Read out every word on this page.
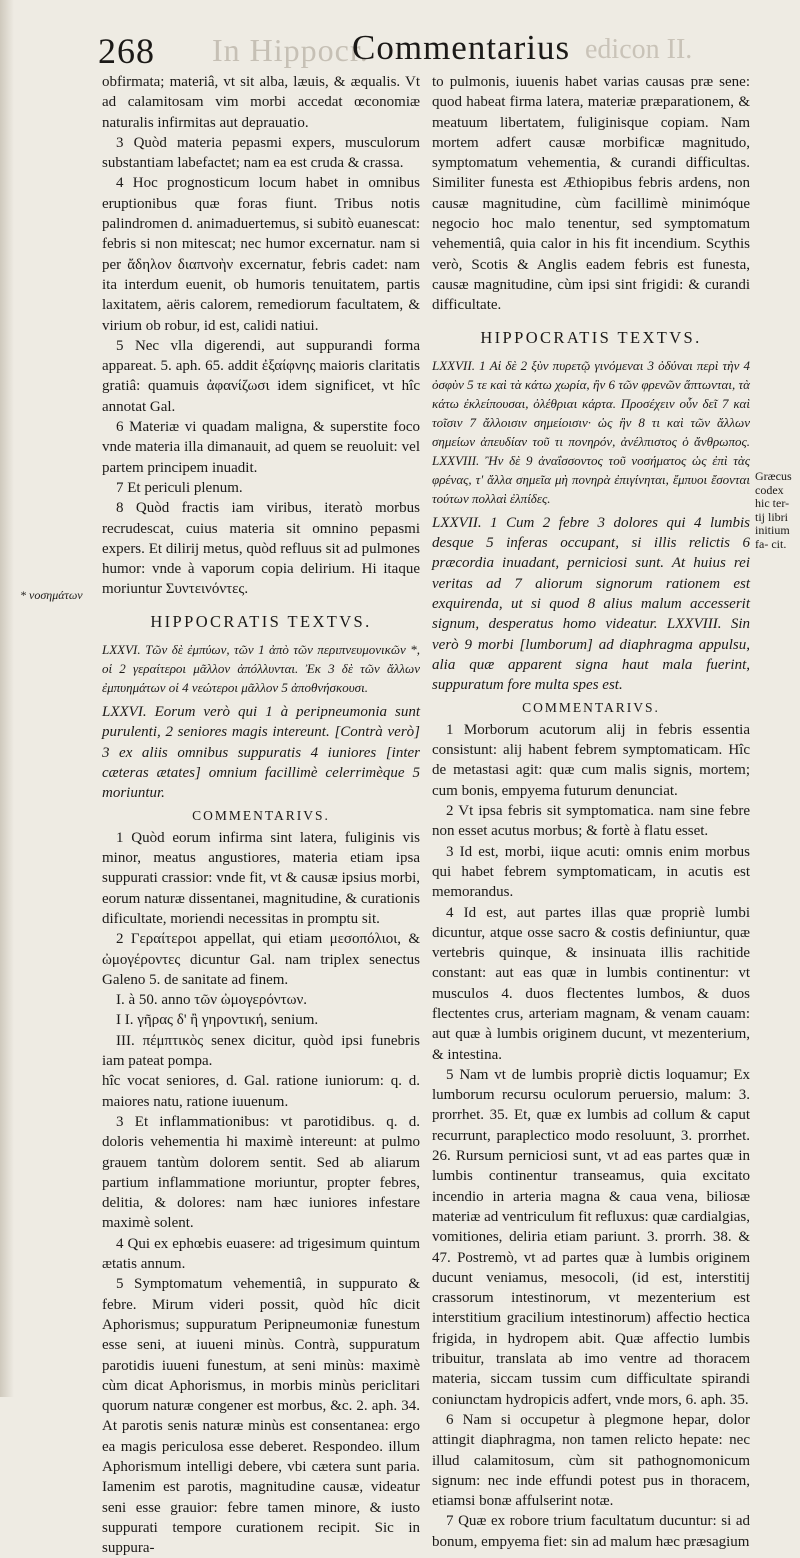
268 In Hippocr.
Commentarius edicon II.
* νοσημάτων
Græcus codex hic ter- tij libri initium fa- cit.

obfirmata; materiâ, vt sit alba, læuis, & æqualis. Vt ad calamitosam vim morbi accedat œconomiæ naturalis infirmitas aut deprauatio.

3 Quòd materia pepasmi expers, musculorum substantiam labefactet; nam ea est cruda & crassa.

4 Hoc prognosticum locum habet in omnibus eruptionibus quæ foras fiunt. Tribus notis palindromen d. animaduertemus, si subitò euanescat: febris si non mitescat; nec humor excernatur. nam si per ἄδηλον διαπνοὴν excernatur, febris cadet: nam ita interdum euenit, ob humoris tenuitatem, partis laxitatem, aëris calorem, remediorum facultatem, & virium ob robur, id est, calidi natiui.

5 Nec vlla digerendi, aut suppurandi forma appareat. 5. aph. 65. addit ἐξαίφνης maioris claritatis gratiâ: quamuis ἀφανίζωσι idem significet, vt hîc annotat Gal.

6 Materiæ vi quadam maligna, & superstite foco vnde materia illa dimanauit, ad quem se reuoluit: vel partem principem inuadit.

7 Et periculi plenum.

8 Quòd fractis iam viribus, iteratò morbus recrudescat, cuius materia sit omnino pepasmi expers. Et dilirij metus, quòd refluus sit ad pulmones humor: vnde à vaporum copia delirium. Hi itaque moriuntur Συντεινόντες.

HIPPOCRATIS TEXTVS.

LXXVI. Τῶν δὲ ἐμπύων, τῶν 1 ἀπὸ τῶν περιπνευμονικῶν *, οἱ 2 γεραίτεροι μᾶλλον ἀπόλλυνται. Ἐκ 3 δὲ τῶν ἄλλων ἐμπυημάτων οἱ 4 νεώτεροι μᾶλλον 5 ἀποθνήσκουσι.

LXXVI. Eorum verò qui 1 à peripneumonia sunt purulenti, 2 seniores magis intereunt. [Contrà verò] 3 ex aliis omnibus suppuratis 4 iuniores [inter cæteras ætates] omnium facillimè celerrimèque 5 moriuntur.

COMMENTARIVS.

1 Quòd eorum infirma sint latera, fuliginis vis minor, meatus angustiores, materia etiam ipsa suppurati crassior: vnde fit, vt & causæ ipsius morbi, eorum naturæ dissentanei, magnitudine, & curationis dificultate, moriendi necessitas in promptu sit.

2 Γεραίτεροι appellat, qui etiam μεσοπόλιοι, & ὠμογέροντες dicuntur Gal. nam triplex senectus Galeno 5. de sanitate ad finem.

I. à 50. anno τῶν ὠμογερόντων.

I I. γῆρας δ' ἢ γηροντική, senium.

III. πέμπτικὸς senex dicitur, quòd ipsi funebris iam pateat pompa.

hîc vocat seniores, d. Gal. ratione iuniorum: q. d. maiores natu, ratione iuuenum.

3 Et inflammationibus: vt parotidibus. q. d. doloris vehementia hi maximè intereunt: at pulmo grauem tantùm dolorem sentit. Sed ab aliarum partium inflammatione moriuntur, propter febres, delitia, & dolores: nam hæc iuniores infestare maximè solent.

4 Qui ex ephœbis euasere: ad trigesimum quintum ætatis annum.

5 Symptomatum vehementiâ, in suppurato & febre. Mirum videri possit, quòd hîc dicit Aphorismus; suppuratum Peripneumoniæ funestum esse seni, at iuueni minùs. Contrà, suppuratum parotidis iuueni funestum, at seni minùs: maximè cùm dicat Aphorismus, in morbis minùs periclitari quorum naturæ congener est morbus, &c. 2. aph. 34. At parotis senis naturæ minùs est consentanea: ergo ea magis periculosa esse deberet. Respondeo. illum Aphorismum intelligi debere, vbi cætera sunt paria. Iamenim est parotis, magnitudine causæ, videatur seni esse grauior: febre tamen minore, & iusto suppurati tempore curationem recipit. Sic in suppura-

to pulmonis, iuuenis habet varias causas præ sene: quod habeat firma latera, materiæ præparationem, & meatuum libertatem, fuliginisque copiam. Nam mortem adfert causæ morbificæ magnitudo, symptomatum vehementia, & curandi difficultas. Similiter funesta est Æthiopibus febris ardens, non causæ magnitudine, cùm facillimè minimóque negocio hoc malo tenentur, sed symptomatum vehementiâ, quia calor in his fit incendium. Scythis verò, Scotis & Anglis eadem febris est funesta, causæ magnitudine, cùm ipsi sint frigidi: & curandi difficultate.

HIPPOCRATIS TEXTVS.

LXXVII. 1 Αἱ δὲ 2 ξὺν πυρετῷ γινόμεναι 3 ὀδύναι περὶ τὴν 4 ὀσφὺν 5 τε καὶ τὰ κάτω χωρία, ἢν 6 τῶν φρενῶν ἅπτωνται, τὰ κάτω ἐκλείπουσαι, ὀλέθριαι κάρτα. Προσέχειν οὖν δεῖ 7 καὶ τοῖσιν 7 ἄλλοισιν σημείοισιν· ὡς ἢν 8 τι καὶ τῶν ἄλλων σημείων ἀπευδίαν τοῦ τι πονηρόν, ἀνέλπιστος ὁ ἄνθρωπος. LXXVIII. Ἢν δὲ 9 ἀναΐσσοντος τοῦ νοσήματος ὡς ἐπὶ τὰς φρένας, τ' ἄλλα σημεῖα μὴ πονηρὰ ἐπιγίνηται, ἔμπυοι ἔσονται τούτων πολλαὶ ἐλπίδες.

LXXVII. 1 Cum 2 febre 3 dolores qui 4 lumbis desque 5 inferas occupant, si illis relictis 6 præcordia inuadant, perniciosi sunt. At huius rei veritas ad 7 aliorum signorum rationem est exquirenda, ut si quod 8 alius malum accesserit signum, desperatus homo videatur. LXXVIII. Sin verò 9 morbi [lumborum] ad diaphragma appulsu, alia quæ apparent signa haut mala fuerint, suppuratum fore multa spes est.

COMMENTARIVS.

1 Morborum acutorum alij in febris essentia consistunt: alij habent febrem symptomaticam. Hîc de metastasi agit: quæ cum malis signis, mortem; cum bonis, empyema futurum denunciat.

2 Vt ipsa febris sit symptomatica. nam sine febre non esset acutus morbus; & fortè à flatu esset.

3 Id est, morbi, iique acuti: omnis enim morbus qui habet febrem symptomaticam, in acutis est memorandus.

4 Id est, aut partes illas quæ propriè lumbi dicuntur, atque osse sacro & costis definiuntur, quæ vertebris quinque, & insinuata illis rachitide constant: aut eas quæ in lumbis continentur: vt musculos 4. duos flectentes lumbos, & duos flectentes crus, arteriam magnam, & venam cauam: aut quæ à lumbis originem ducunt, vt mezenterium, & intestina.

5 Nam vt de lumbis propriè dictis loquamur; Ex lumborum recursu oculorum peruersio, malum: 3. prorrhet. 35. Et, quæ ex lumbis ad collum & caput recurrunt, paraplectico modo resoluunt, 3. prorrhet. 26. Rursum perniciosi sunt, vt ad eas partes quæ in lumbis continentur transeamus, quia excitato incendio in arteria magna & caua vena, biliosæ materiæ ad ventriculum fit refluxus: quæ cardialgias, vomitiones, deliria etiam pariunt. 3. prorrh. 38. & 47. Postremò, vt ad partes quæ à lumbis originem ducunt veniamus, mesocoli, (id est, interstitij crassorum intestinorum, vt mezenterium est interstitium gracilium intestinorum) affectio hectica frigida, in hydropem abit. Quæ affectio lumbis tribuitur, translata ab imo ventre ad thoracem materia, siccam tussim cum difficultate spirandi coniunctam hydropicis adfert, vnde mors, 6. aph. 35.

6 Nam si occupetur à plegmone hepar, dolor attingit diaphragma, non tamen relicto hepate: nec illud calamitosum, cùm sit pathognomonicum signum: nec inde effundi potest pus in thoracem, etiamsi bonæ affulserint notæ.

7 Quæ ex robore trium facultatum ducuntur: si ad bonum, empyema fiet: sin ad malum hæc præsagium
